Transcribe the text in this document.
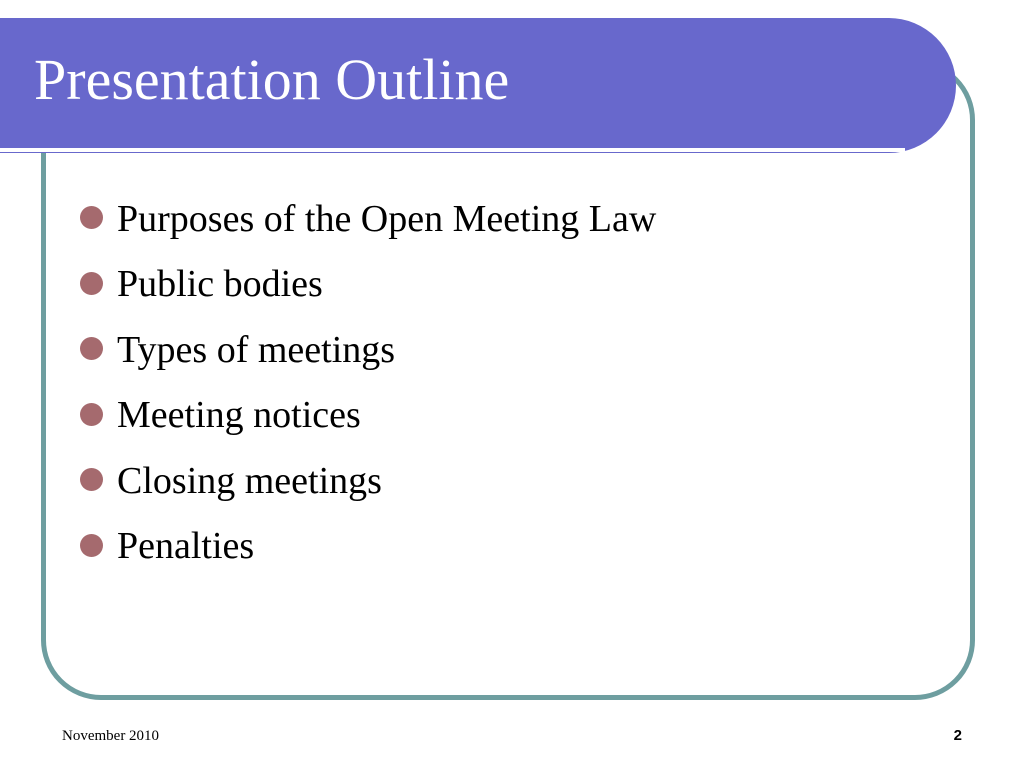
Presentation Outline
Purposes of the Open Meeting Law
Public bodies
Types of meetings
Meeting notices
Closing meetings
Penalties
November 2010	2
